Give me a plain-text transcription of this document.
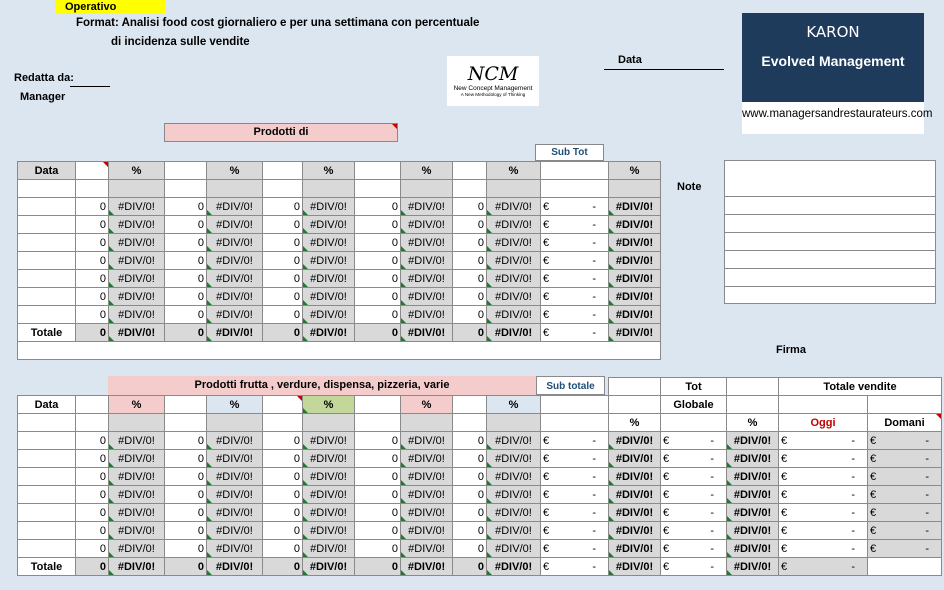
Operativo
Format: Analisi food cost giornaliero e per una settimana con percentuale
di incidenza sulle vendite
Redatta da:
Manager
Data
NCM
New Concept Management
A New Methodology of Thinking
KARON
Evolved Management
www.managersandrestaurateurs.com
Prodotti di
Sub Tot
Data		%		%		%		%		%		%

	0	#DIV/0!	0	#DIV/0!	0	#DIV/0!	0	#DIV/0!	0	#DIV/0!	€ -	#DIV/0!
	0	#DIV/0!	0	#DIV/0!	0	#DIV/0!	0	#DIV/0!	0	#DIV/0!	€ -	#DIV/0!
	0	#DIV/0!	0	#DIV/0!	0	#DIV/0!	0	#DIV/0!	0	#DIV/0!	€ -	#DIV/0!
	0	#DIV/0!	0	#DIV/0!	0	#DIV/0!	0	#DIV/0!	0	#DIV/0!	€ -	#DIV/0!
	0	#DIV/0!	0	#DIV/0!	0	#DIV/0!	0	#DIV/0!	0	#DIV/0!	€ -	#DIV/0!
	0	#DIV/0!	0	#DIV/0!	0	#DIV/0!	0	#DIV/0!	0	#DIV/0!	€ -	#DIV/0!
	0	#DIV/0!	0	#DIV/0!	0	#DIV/0!	0	#DIV/0!	0	#DIV/0!	€ -	#DIV/0!
Totale	0	#DIV/0!	0	#DIV/0!	0	#DIV/0!	0	#DIV/0!	0	#DIV/0!	€ -	#DIV/0!

Note
Firma
Prodotti frutta , verdure, dispensa, pizzeria, varie	Sub totale
													Tot		Totale vendite	
Data		%		%		%		%		%			Globale			
												%		%	Oggi	Domani
	0	#DIV/0!	0	#DIV/0!	0	#DIV/0!	0	#DIV/0!	0	#DIV/0!	€ -	#DIV/0!	€ -	#DIV/0!	€ -	€ -

	0	#DIV/0!	0	#DIV/0!	0	#DIV/0!	0	#DIV/0!	0	#DIV/0!	€ -	#DIV/0!	€ -	#DIV/0!	€ -	€ -

	0	#DIV/0!	0	#DIV/0!	0	#DIV/0!	0	#DIV/0!	0	#DIV/0!	€ -	#DIV/0!	€ -	#DIV/0!	€ -	€ -

	0	#DIV/0!	0	#DIV/0!	0	#DIV/0!	0	#DIV/0!	0	#DIV/0!	€ -	#DIV/0!	€ -	#DIV/0!	€ -	€ -

	0	#DIV/0!	0	#DIV/0!	0	#DIV/0!	0	#DIV/0!	0	#DIV/0!	€ -	#DIV/0!	€ -	#DIV/0!	€ -	€ -

	0	#DIV/0!	0	#DIV/0!	0	#DIV/0!	0	#DIV/0!	0	#DIV/0!	€ -	#DIV/0!	€ -	#DIV/0!	€ -	€ -

	0	#DIV/0!	0	#DIV/0!	0	#DIV/0!	0	#DIV/0!	0	#DIV/0!	€ -	#DIV/0!	€ -	#DIV/0!	€ -	€ -

Totale	0	#DIV/0!	0	#DIV/0!	0	#DIV/0!	0	#DIV/0!	0	#DIV/0!	€ -	#DIV/0!	€ -	#DIV/0!	€ -	
